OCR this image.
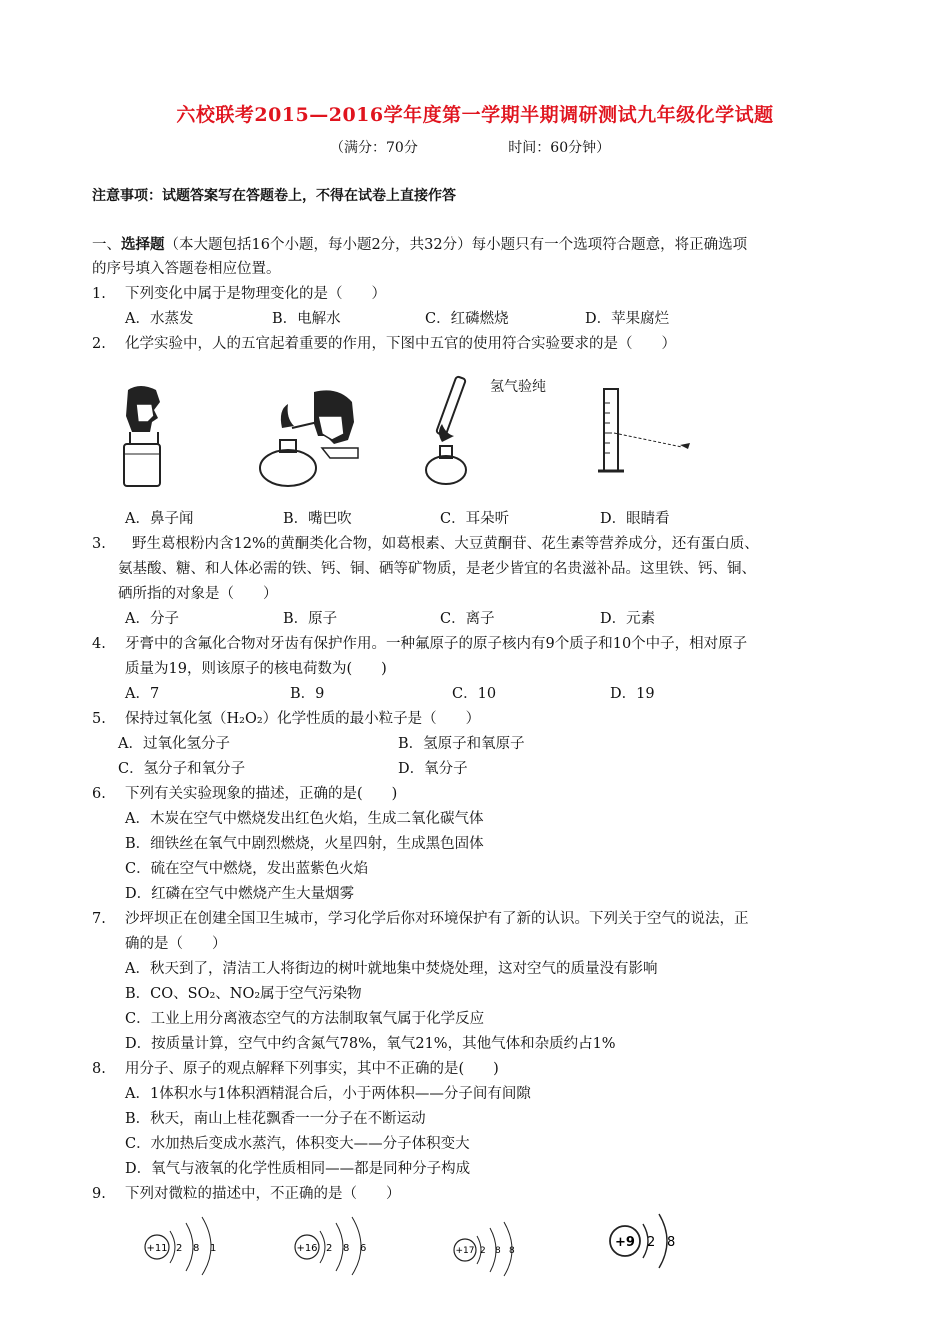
六校联考2015—2016学年度第一学期半期调研测试九年级化学试题
（满分：70分	时间：60分钟）
注意事项：试题答案写在答题卷上，不得在试卷上直接作答
一、选择题（本大题包括16个小题，每小题2分，共32分）每小题只有一个选项符合题意，将正确选项
的序号填入答题卷相应位置。
1. 下列变化中属于是物理变化的是（　　）
A．水蒸发	B．电解水	C．红磷燃烧	D．苹果腐烂
2. 化学实验中，人的五官起着重要的作用，下图中五官的使用符合实验要求的是（　　）
氢气验纯
A．鼻子闻	B．嘴巴吹	C．耳朵听	D．眼睛看
3. 野生葛根粉内含12%的黄酮类化合物，如葛根素、大豆黄酮苷、花生素等营养成分，还有蛋白质、
氨基酸、糖、和人体必需的铁、钙、铜、硒等矿物质，是老少皆宜的名贵滋补品。这里铁、钙、铜、
硒所指的对象是（　　）
A．分子	B．原子	C．离子	D．元素
4. 牙膏中的含氟化合物对牙齿有保护作用。一种氟原子的原子核内有9个质子和10个中子，相对原子
质量为19，则该原子的核电荷数为(　　)
A．7	B．9	C．10	D．19
5. 保持过氧化氢（H₂O₂）化学性质的最小粒子是（　　）
A．过氧化氢分子	B．氢原子和氧原子
C．氢分子和氧分子	D．氧分子
6. 下列有关实验现象的描述，正确的是(　　)
A．木炭在空气中燃烧发出红色火焰，生成二氧化碳气体
B．细铁丝在氧气中剧烈燃烧，火星四射，生成黑色固体
C．硫在空气中燃烧，发出蓝紫色火焰
D．红磷在空气中燃烧产生大量烟雾
7. 沙坪坝正在创建全国卫生城市，学习化学后你对环境保护有了新的认识。下列关于空气的说法，正
确的是（　　）
A．秋天到了，清洁工人将街边的树叶就地集中焚烧处理，这对空气的质量没有影响
B．CO、SO₂、NO₂属于空气污染物
C．工业上用分离液态空气的方法制取氧气属于化学反应
D．按质量计算，空气中约含氮气78%，氧气21%，其他气体和杂质约占1%
8. 用分子、原子的观点解释下列事实，其中不正确的是(　　)
A．1体积水与1体积酒精混合后，小于两体积——分子间有间隙
B．秋天，南山上桂花飘香一一分子在不断运动
C．水加热后变成水蒸汽，体积变大——分子体积变大
D．氧气与液氧的化学性质相同——都是同种分子构成
9. 下列对微粒的描述中，不正确的是（　　）
+11 2 8 1	+16 2 8 6	+17 2 8 8
+9 2 8
